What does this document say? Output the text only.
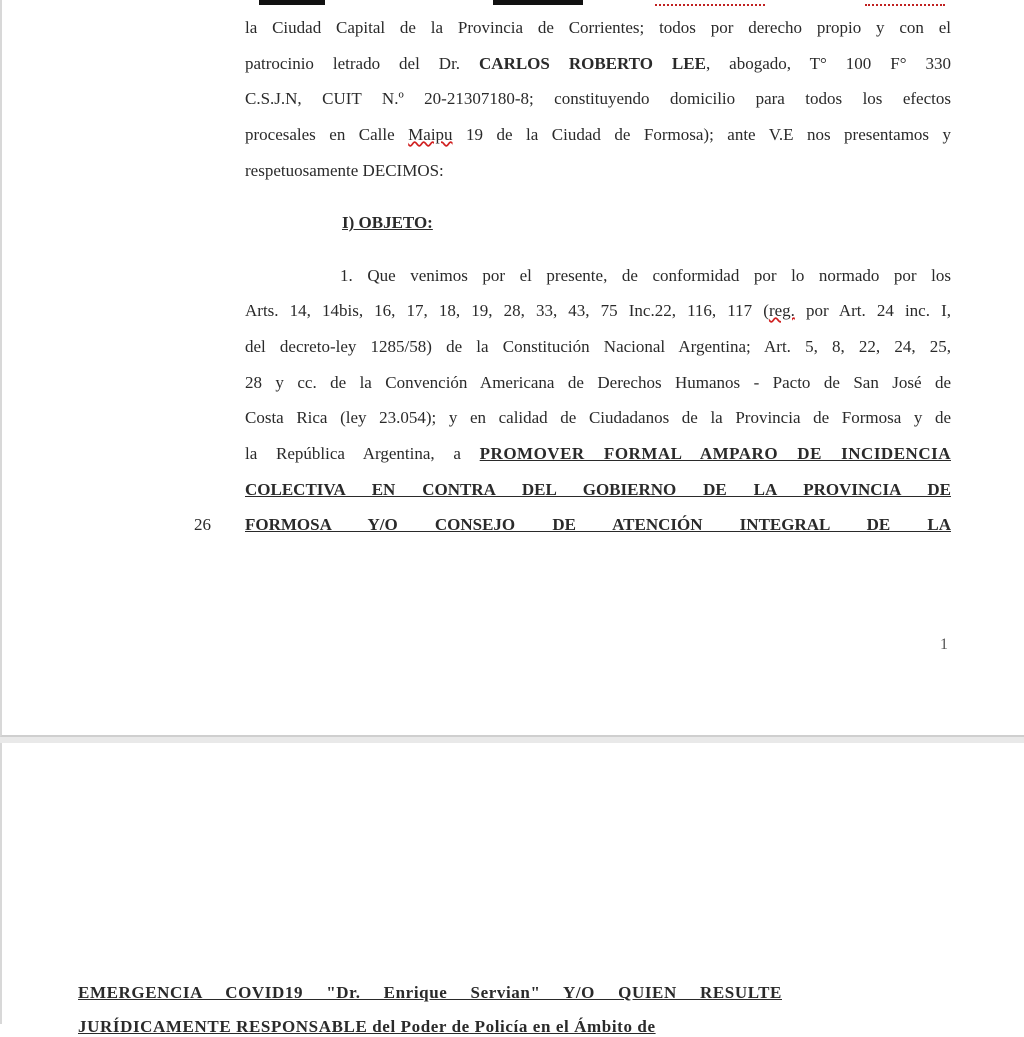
la Ciudad Capital de la Provincia de Corrientes; todos por derecho propio y con el
patrocinio letrado del Dr. CARLOS ROBERTO LEE, abogado, T° 100 F° 330
C.S.J.N, CUIT N.º 20-21307180-8; constituyendo domicilio para todos los efectos
procesales en Calle Maipu 19 de la Ciudad de Formosa); ante V.E nos presentamos y
respetuosamente DECIMOS:
I) OBJETO:
1. Que venimos por el presente, de conformidad por lo normado por los
Arts. 14, 14bis, 16, 17, 18, 19, 28, 33, 43, 75 Inc.22, 116, 117 (reg. por Art. 24 inc. I,
del decreto-ley 1285/58) de la Constitución Nacional Argentina; Art. 5, 8, 22, 24, 25,
28 y cc. de la Convención Americana de Derechos Humanos - Pacto de San José de
Costa Rica (ley 23.054); y en calidad de Ciudadanos de la Provincia de Formosa y de
la República Argentina, a PROMOVER FORMAL AMPARO DE INCIDENCIA
COLECTIVA EN CONTRA DEL GOBIERNO DE LA PROVINCIA DE
FORMOSA Y/O CONSEJO DE ATENCIÓN INTEGRAL DE LA
26
1
EMERGENCIA COVID19 "Dr. Enrique Servian" Y/O QUIEN RESULTE
JURÍDICAMENTE RESPONSABLE del Poder de Policía en el Ámbito de
